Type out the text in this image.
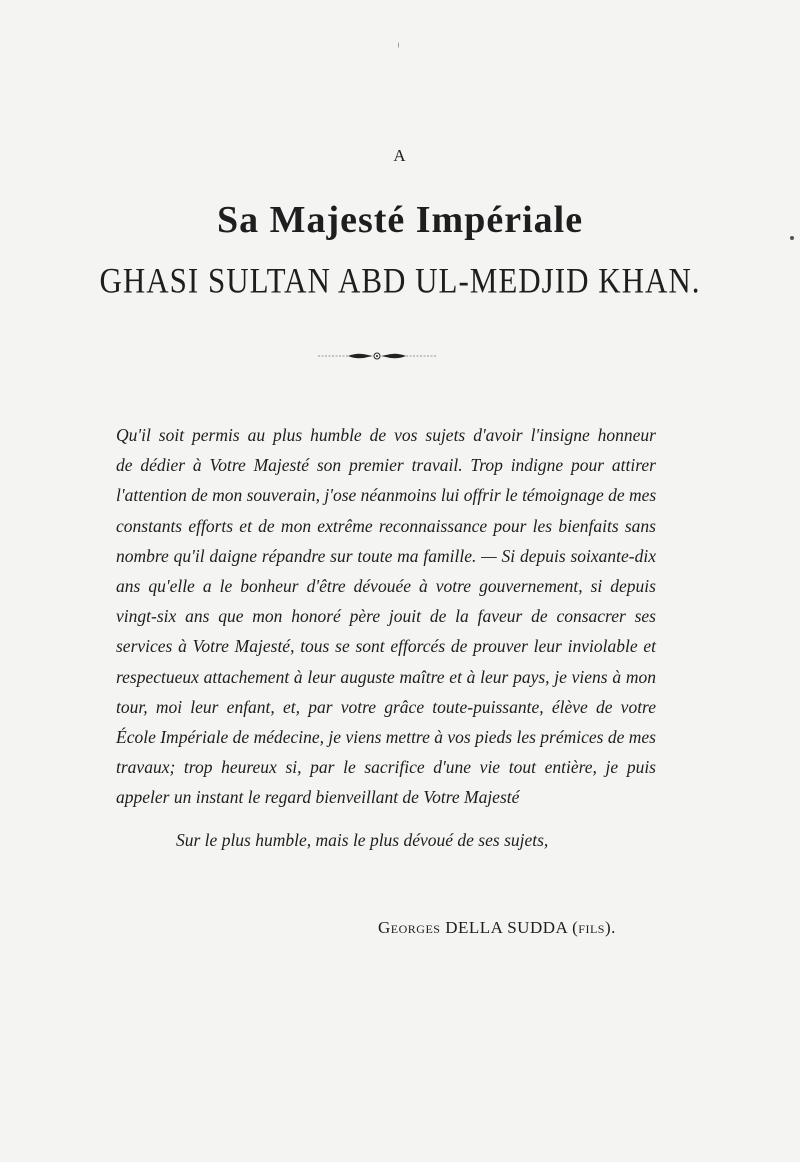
A
Sa Majesté Impériale
GHASI SULTAN ABD UL-MEDJID KHAN.
Qu'il soit permis au plus humble de vos sujets d'avoir l'insigne honneur
de dédier à Votre Majesté son premier travail. Trop indigne pour attirer
l'attention de mon souverain, j'ose néanmoins lui offrir le témoignage de mes
constants efforts et de mon extrême reconnaissance pour les bienfaits sans
nombre qu'il daigne répandre sur toute ma famille. — Si depuis soixante-dix
ans qu'elle a le bonheur d'être dévouée à votre gouvernement, si depuis
vingt-six ans que mon honoré père jouit de la faveur de consacrer ses
services à Votre Majesté, tous se sont efforcés de prouver leur inviolable et
respectueux attachement à leur auguste maître et à leur pays, je viens à mon
tour, moi leur enfant, et, par votre grâce toute-puissante, élève de votre
École Impériale de médecine, je viens mettre à vos pieds les prémices de mes
travaux; trop heureux si, par le sacrifice d'une vie tout entière, je puis
appeler un instant le regard bienveillant de Votre Majesté
Sur le plus humble, mais le plus dévoué de ses sujets,
Georges DELLA SUDDA (fils).
